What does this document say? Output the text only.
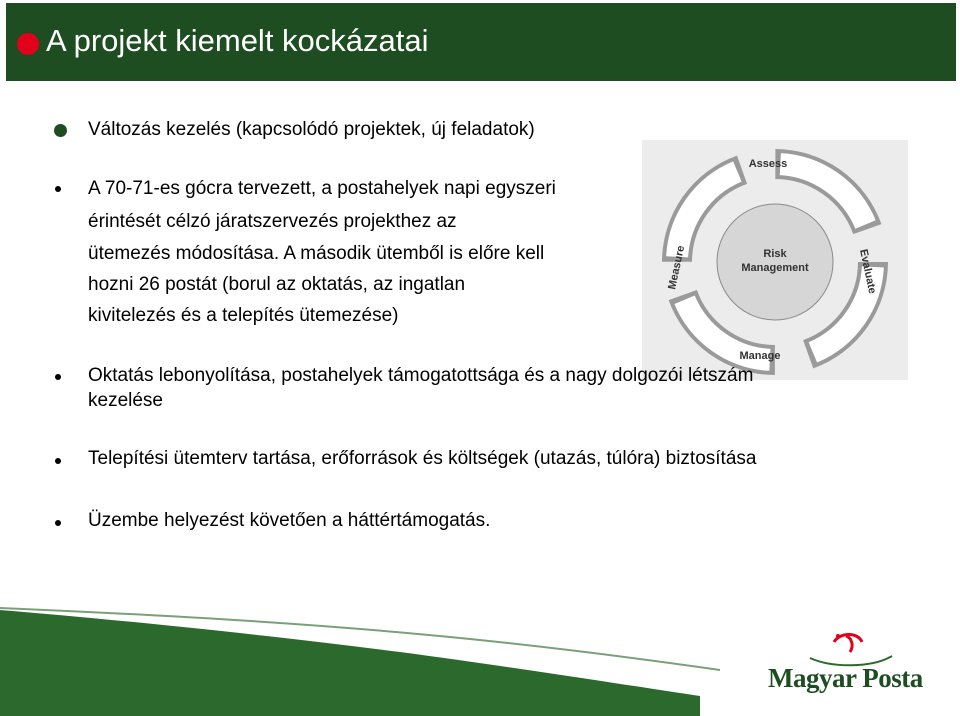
A projekt kiemelt kockázatai
Változás kezelés (kapcsolódó projektek, új feladatok)
A 70-71-es gócra tervezett, a postahelyek napi egyszeri
érintését célzó járatszervezés projekthez az
ütemezés módosítása. A második ütemből is előre kell
hozni 26 postát (borul az oktatás, az ingatlan
kivitelezés és a telepítés ütemezése)
Risk
Management
Assess
Manage
Evaluate
Measure
Oktatás lebonyolítása, postahelyek támogatottsága és a nagy dolgozói létszám
kezelése
Telepítési ütemterv tartása, erőforrások és költségek (utazás, túlóra) biztosítása
Üzembe helyezést követően a háttértámogatás.
Magyar Posta
